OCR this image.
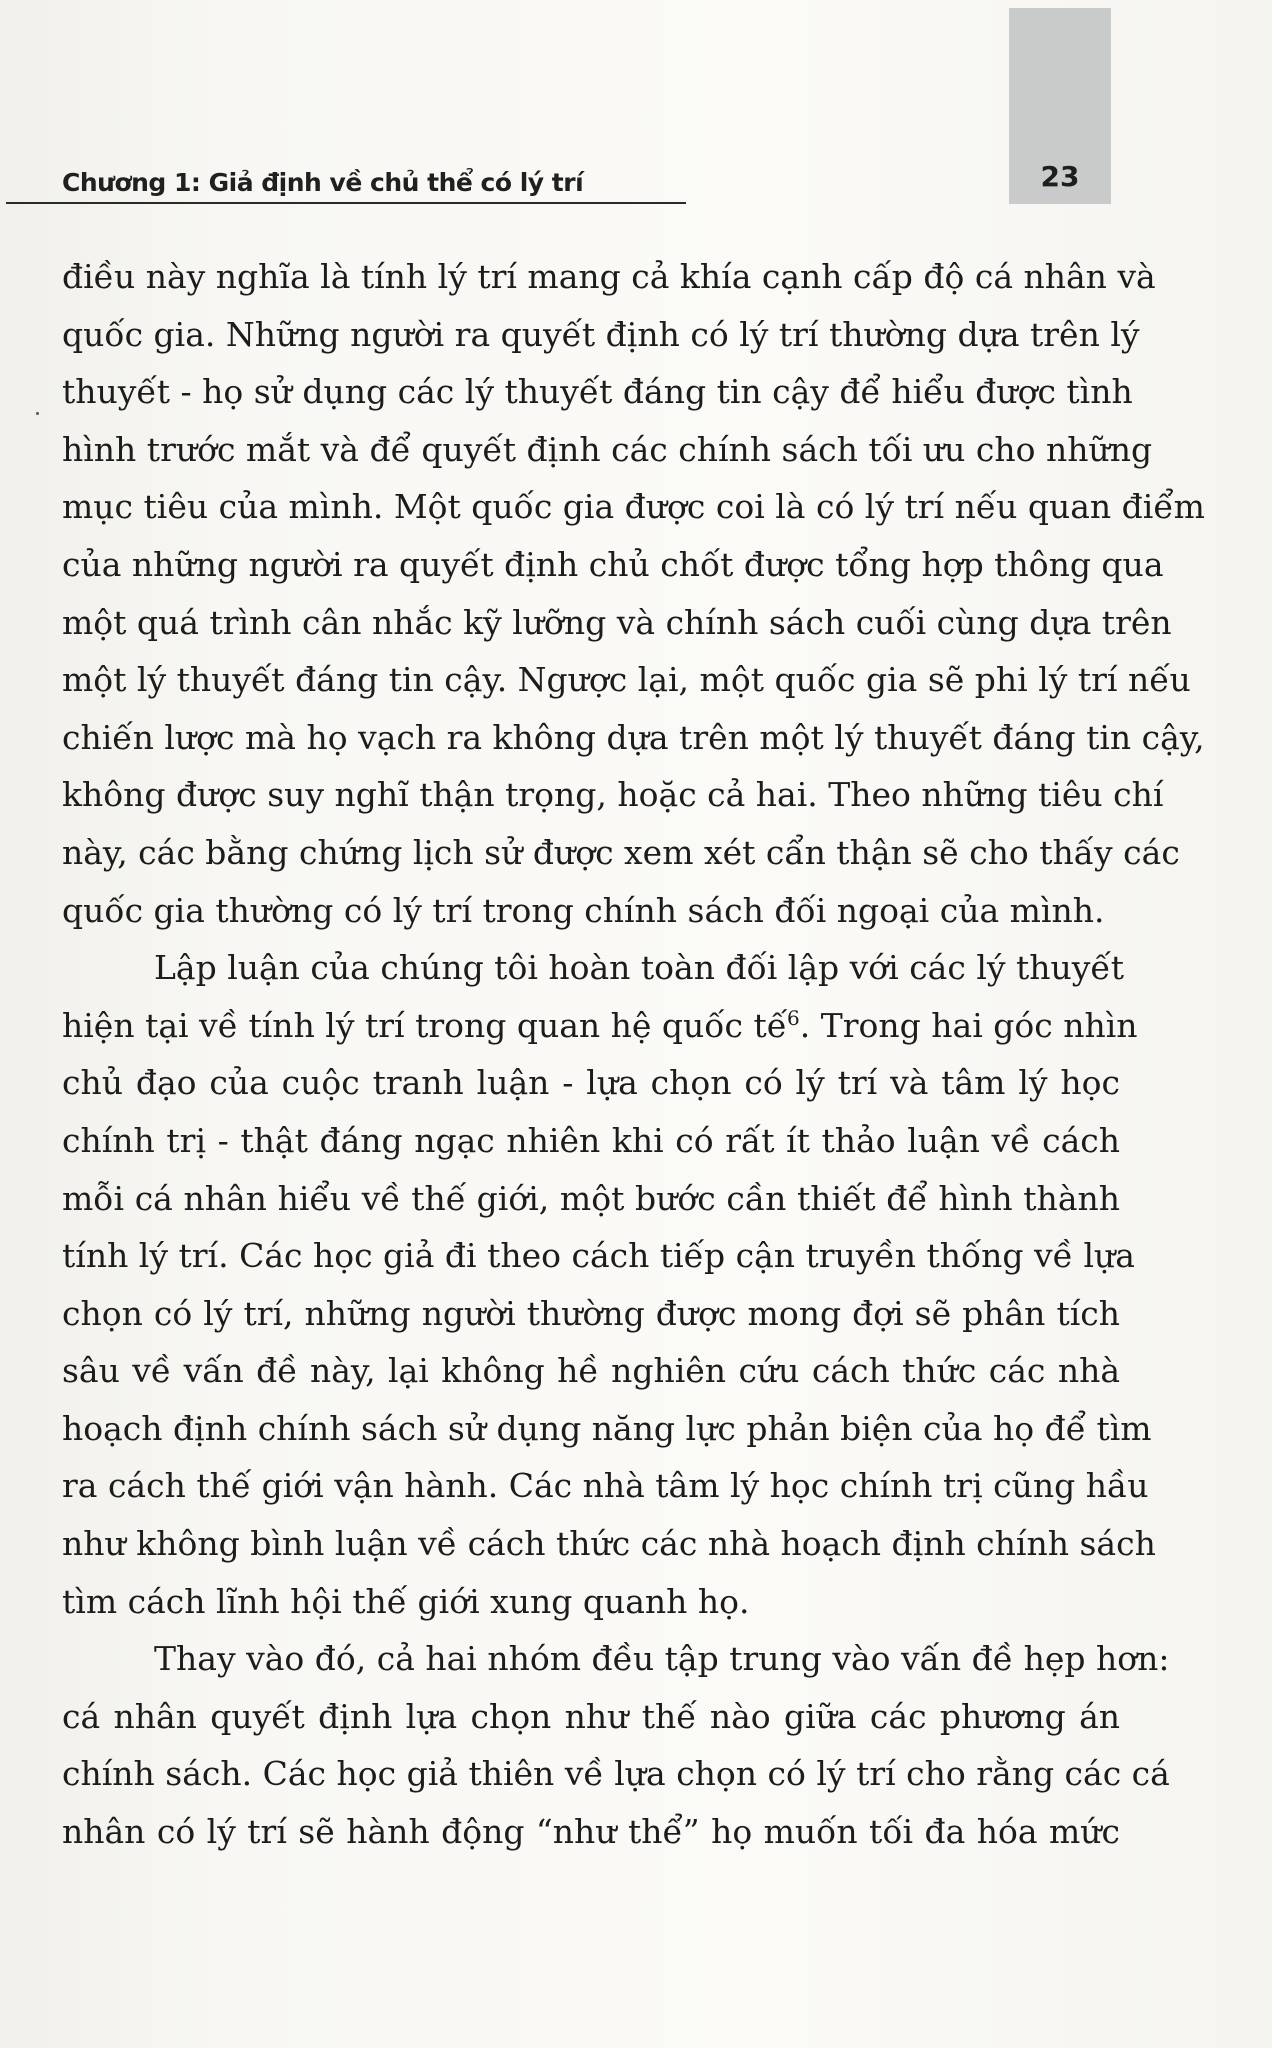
23
Chương 1: Giả định về chủ thể có lý trí
điều này nghĩa là tính lý trí mang cả khía cạnh cấp độ cá nhân và
quốc gia. Những người ra quyết định có lý trí thường dựa trên lý
thuyết - họ sử dụng các lý thuyết đáng tin cậy để hiểu được tình
hình trước mắt và để quyết định các chính sách tối ưu cho những
mục tiêu của mình. Một quốc gia được coi là có lý trí nếu quan điểm
của những người ra quyết định chủ chốt được tổng hợp thông qua
một quá trình cân nhắc kỹ lưỡng và chính sách cuối cùng dựa trên
một lý thuyết đáng tin cậy. Ngược lại, một quốc gia sẽ phi lý trí nếu
chiến lược mà họ vạch ra không dựa trên một lý thuyết đáng tin cậy,
không được suy nghĩ thận trọng, hoặc cả hai. Theo những tiêu chí
này, các bằng chứng lịch sử được xem xét cẩn thận sẽ cho thấy các
quốc gia thường có lý trí trong chính sách đối ngoại của mình.
Lập luận của chúng tôi hoàn toàn đối lập với các lý thuyết
hiện tại về tính lý trí trong quan hệ quốc tế$^6$. Trong hai góc nhìn
chủ đạo của cuộc tranh luận - lựa chọn có lý trí và tâm lý học
chính trị - thật đáng ngạc nhiên khi có rất ít thảo luận về cách
mỗi cá nhân hiểu về thế giới, một bước cần thiết để hình thành
tính lý trí. Các học giả đi theo cách tiếp cận truyền thống về lựa
chọn có lý trí, những người thường được mong đợi sẽ phân tích
sâu về vấn đề này, lại không hề nghiên cứu cách thức các nhà
hoạch định chính sách sử dụng năng lực phản biện của họ để tìm
ra cách thế giới vận hành. Các nhà tâm lý học chính trị cũng hầu
như không bình luận về cách thức các nhà hoạch định chính sách
tìm cách lĩnh hội thế giới xung quanh họ.
Thay vào đó, cả hai nhóm đều tập trung vào vấn đề hẹp hơn:
cá nhân quyết định lựa chọn như thế nào giữa các phương án
chính sách. Các học giả thiên về lựa chọn có lý trí cho rằng các cá
nhân có lý trí sẽ hành động “như thể” họ muốn tối đa hóa mức
